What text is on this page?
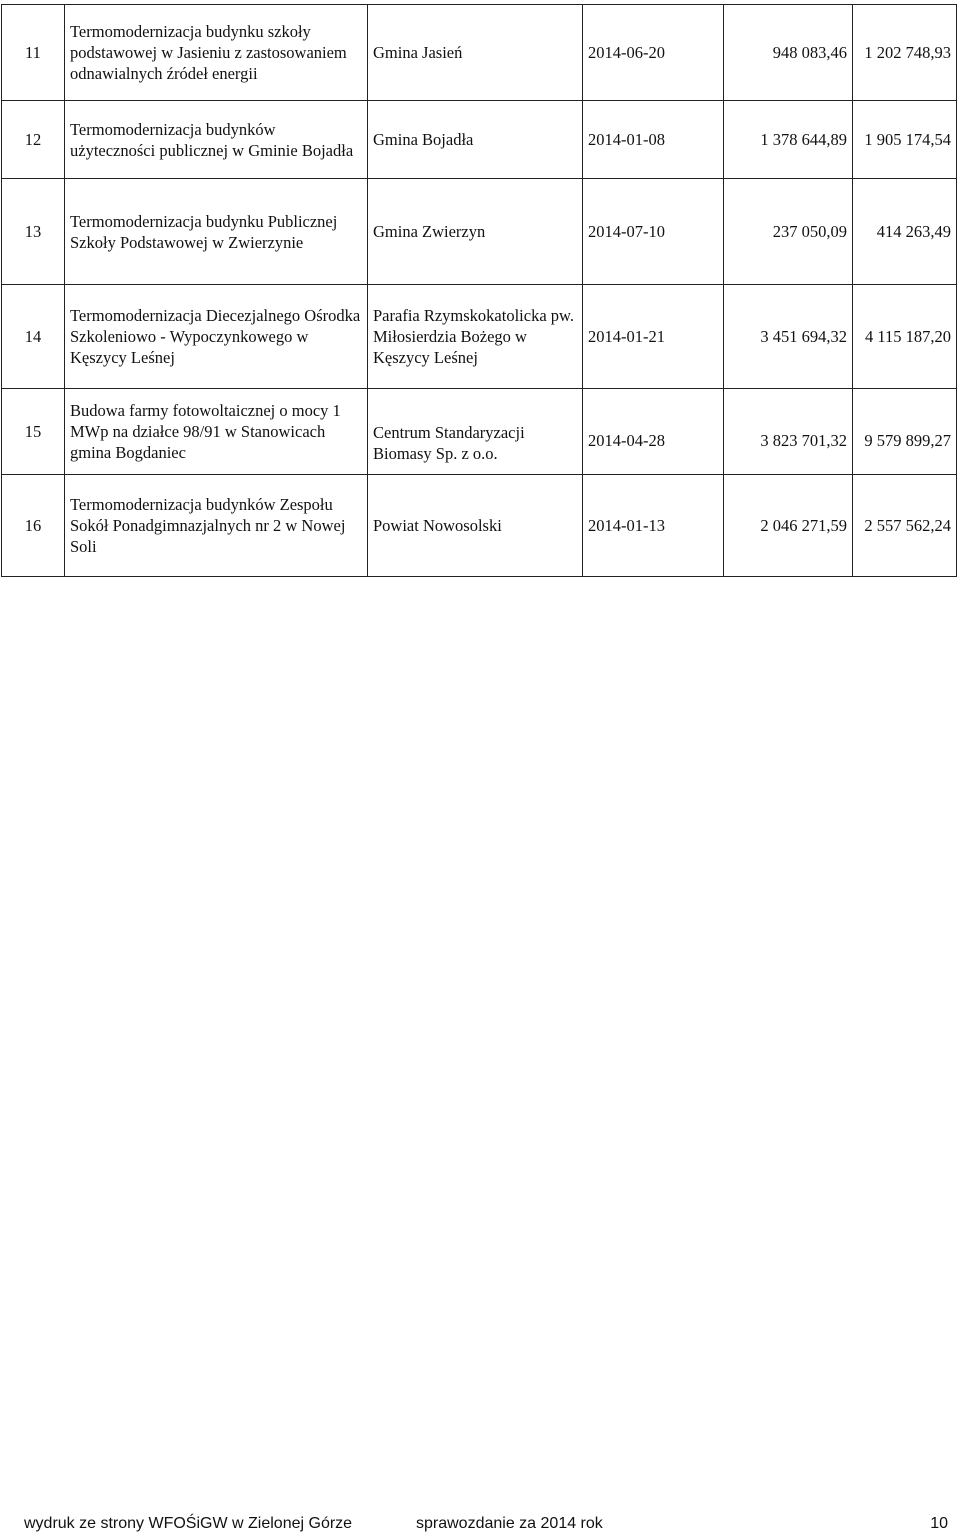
11	Termomodernizacja budynku szkoły podstawowej w Jasieniu z zastosowaniem odnawialnych źródeł energii	Gmina Jasień	2014-06-20	948 083,46	1 202 748,93
12	Termomodernizacja budynków użyteczności publicznej w Gminie Bojadła	Gmina Bojadła	2014-01-08	1 378 644,89	1 905 174,54
13	Termomodernizacja budynku Publicznej Szkoły Podstawowej w Zwierzynie	Gmina Zwierzyn	2014-07-10	237 050,09	414 263,49
14	Termomodernizacja Diecezjalnego Ośrodka Szkoleniowo - Wypoczynkowego w Kęszycy Leśnej	Parafia Rzymskokatolicka pw. Miłosierdzia Bożego w Kęszycy Leśnej	2014-01-21	3 451 694,32	4 115 187,20
15	Budowa farmy fotowoltaicznej o mocy 1 MWp na działce 98/91 w Stanowicach gmina Bogdaniec	Centrum Standaryzacji Biomasy Sp. z o.o.	2014-04-28	3 823 701,32	9 579 899,27
16	Termomodernizacja budynków Zespołu Sokół Ponadgimnazjalnych nr 2 w Nowej Soli	Powiat Nowosolski	2014-01-13	2 046 271,59	2 557 562,24
wydruk ze strony WFOŚiGW w Zielonej Górze	sprawozdanie za 2014 rok	10
